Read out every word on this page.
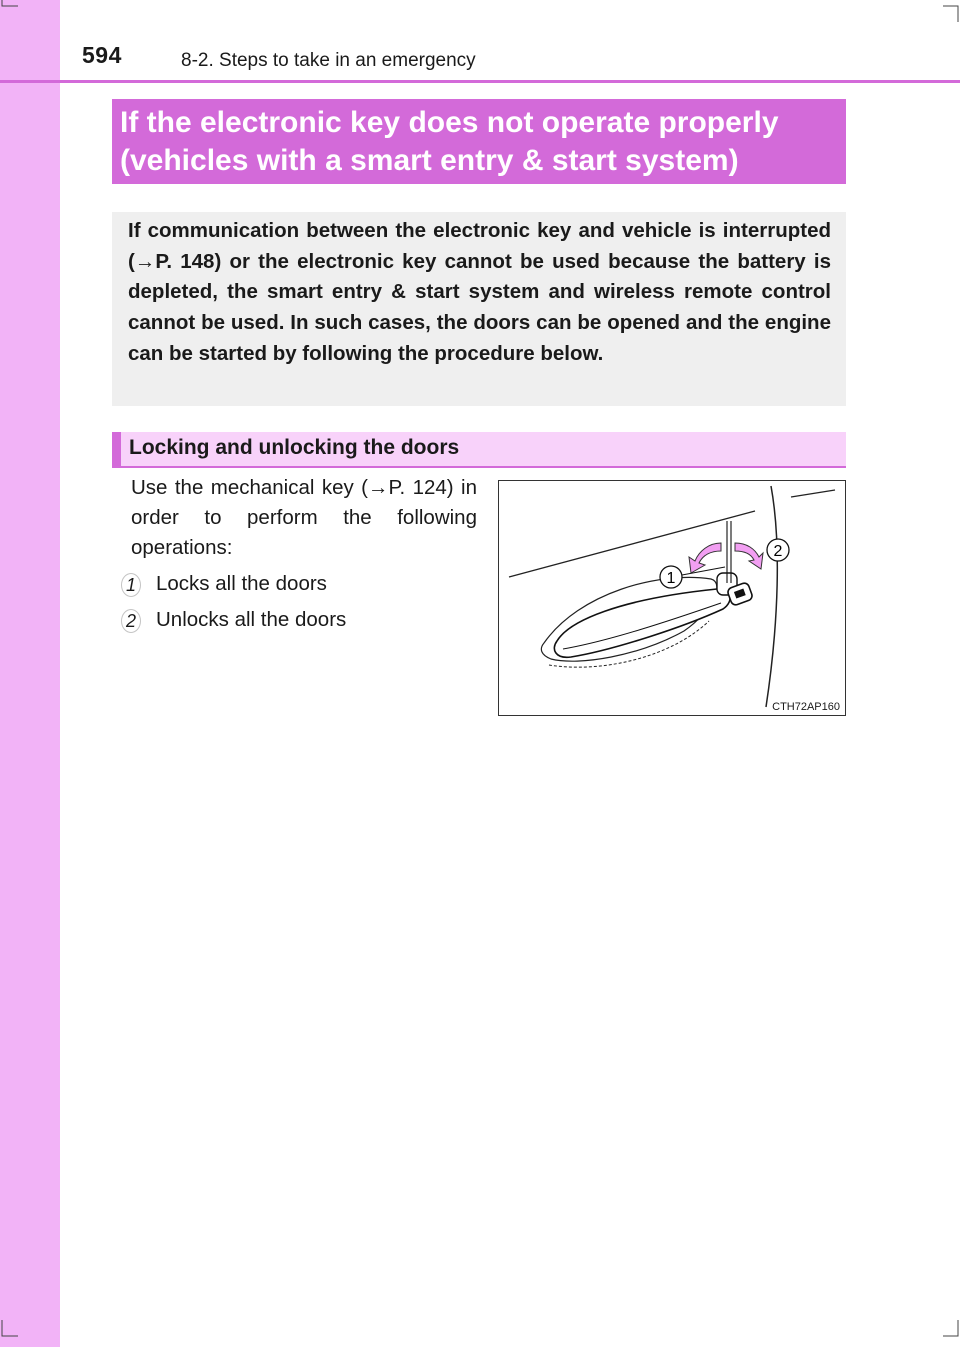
594	8-2. Steps to take in an emergency
If the electronic key does not operate properly
(vehicles with a smart entry & start system)
If communication between the electronic key and vehicle is interrupted (→P. 148) or the electronic key cannot be used because the battery is depleted, the smart entry & start system and wireless remote control cannot be used. In such cases, the doors can be opened and the engine can be started by following the procedure below.
Locking and unlocking the doors
Use the mechanical key (→P. 124) in order to perform the following operations:
1 Locks all the doors
2 Unlocks all the doors
1
2
CTH72AP160
